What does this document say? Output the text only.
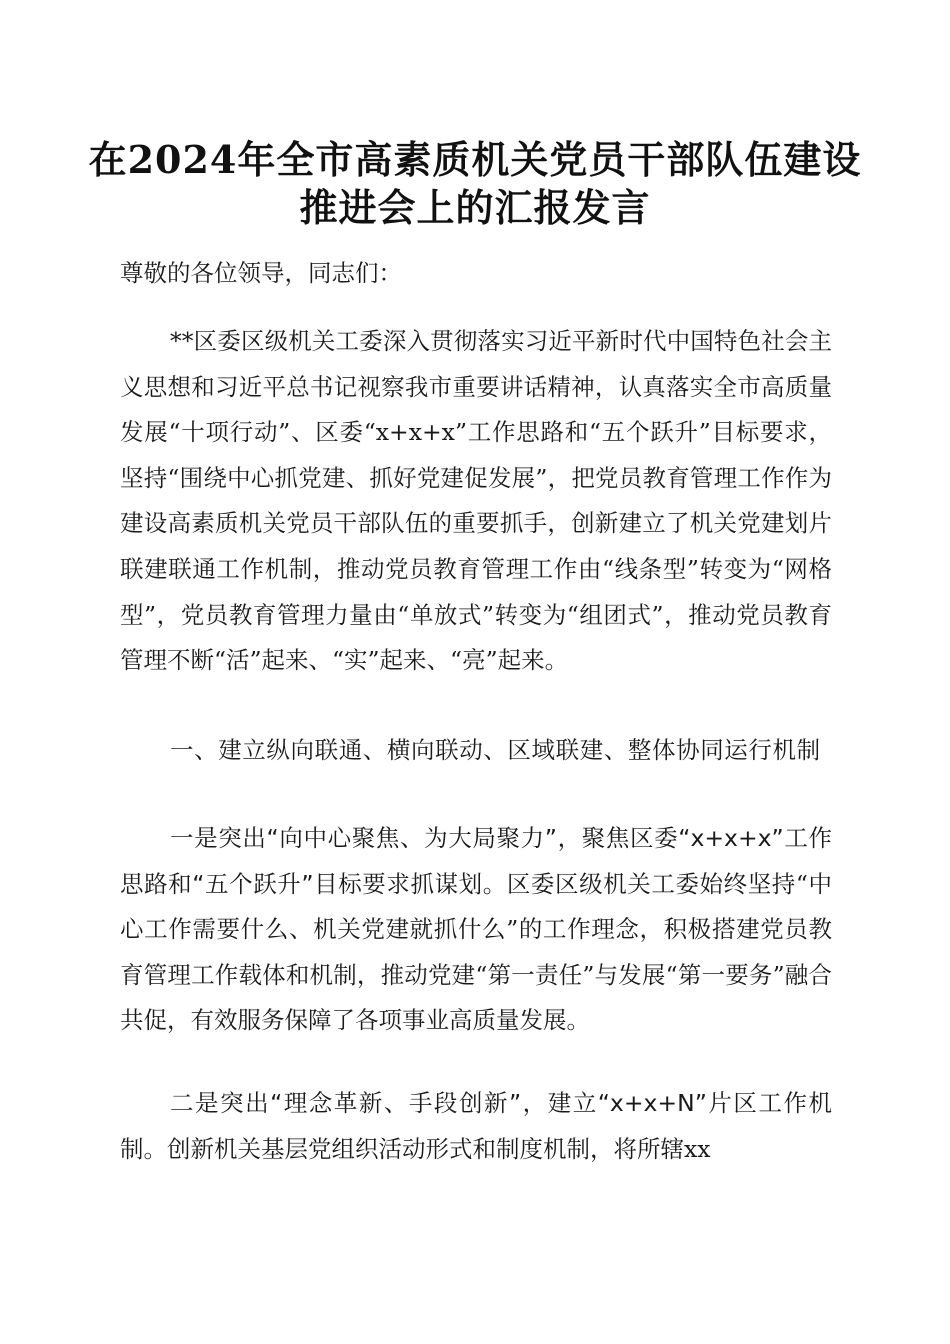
在2024年全市高素质机关党员干部队伍建设
推进会上的汇报发言
尊敬的各位领导，同志们：
**区委区级机关工委深入贯彻落实习近平新时代中国特色社会主义思想和习近平总书记视察我市重要讲话精神，认真落实全市高质量发展“十项行动”、区委“x+x+x”工作思路和“五个跃升”目标要求，坚持“围绕中心抓党建、抓好党建促发展”，把党员教育管理工作作为建设高素质机关党员干部队伍的重要抓手，创新建立了机关党建划片联建联通工作机制，推动党员教育管理工作由“线条型”转变为“网格型”，党员教育管理力量由“单放式”转变为“组团式”，推动党员教育管理不断“活”起来、“实”起来、“亮”起来。
一、建立纵向联通、横向联动、区域联建、整体协同运行机制
一是突出“向中心聚焦、为大局聚力”，聚焦区委“x+x+x”工作思路和“五个跃升”目标要求抓谋划。区委区级机关工委始终坚持“中心工作需要什么、机关党建就抓什么”的工作理念，积极搭建党员教育管理工作载体和机制，推动党建“第一责任”与发展“第一要务”融合共促，有效服务保障了各项事业高质量发展。
二是突出“理念革新、手段创新”，建立“x+x+N”片区工作机制。创新机关基层党组织活动形式和制度机制，将所辖xx
